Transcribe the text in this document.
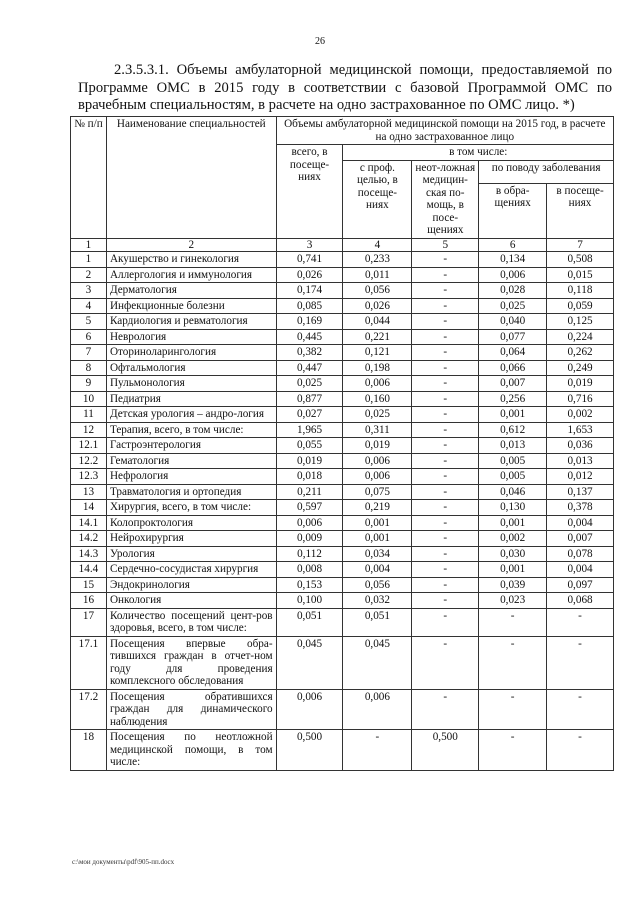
26
2.3.5.3.1. Объемы амбулаторной медицинской помощи, предоставляемой по Программе ОМС в 2015 году в соответствии с базовой Программой ОМС по врачебным специальностям, в расчете на одно застрахованное по ОМС лицо. *)
№ п/п	Наименование специальностей	Объемы амбулаторной медицинской помощи на 2015 год, в расчете на одно застрахованное лицо				
		всего, в посеще-ниях	в том числе:			
			с проф. целью, в посеще-ниях	неот-ложная медицин-ская по-мощь, в посе-щениях	по поводу заболевания	
					в обра-щениях	в посеще-ниях
1	2	3	4	5	6	7
1	Акушерство и гинекология	0,741	0,233	-	0,134	0,508
2	Аллергология и иммунология	0,026	0,011	-	0,006	0,015
3	Дерматология	0,174	0,056	-	0,028	0,118
4	Инфекционные болезни	0,085	0,026	-	0,025	0,059
5	Кардиология и ревматология	0,169	0,044	-	0,040	0,125
6	Неврология	0,445	0,221	-	0,077	0,224
7	Оториноларингология	0,382	0,121	-	0,064	0,262
8	Офтальмология	0,447	0,198	-	0,066	0,249
9	Пульмонология	0,025	0,006	-	0,007	0,019
10	Педиатрия	0,877	0,160	-	0,256	0,716
11	Детская урология – андро-логия	0,027	0,025	-	0,001	0,002
12	Терапия, всего, в том числе:	1,965	0,311	-	0,612	1,653
12.1	Гастроэнтерология	0,055	0,019	-	0,013	0,036
12.2	Гематология	0,019	0,006	-	0,005	0,013
12.3	Нефрология	0,018	0,006	-	0,005	0,012
13	Травматология и ортопедия	0,211	0,075	-	0,046	0,137
14	Хирургия, всего, в том числе:	0,597	0,219	-	0,130	0,378
14.1	Колопроктология	0,006	0,001	-	0,001	0,004
14.2	Нейрохирургия	0,009	0,001	-	0,002	0,007
14.3	Урология	0,112	0,034	-	0,030	0,078
14.4	Сердечно-сосудистая хирургия	0,008	0,004	-	0,001	0,004
15	Эндокринология	0,153	0,056	-	0,039	0,097
16	Онкология	0,100	0,032	-	0,023	0,068
17	Количество посещений цент-ров здоровья, всего, в том числе:	0,051	0,051	-	-	-
17.1	Посещения впервые обра-тившихся граждан в отчет-ном году для проведения комплексного обследования	0,045	0,045	-	-	-
17.2	Посещения обратившихся граждан для динамического наблюдения	0,006	0,006	-	-	-
18	Посещения по неотложной медицинской помощи, в том числе:	0,500	-	0,500	-	-
c:\мои документы\pdf\905-пп.docx
